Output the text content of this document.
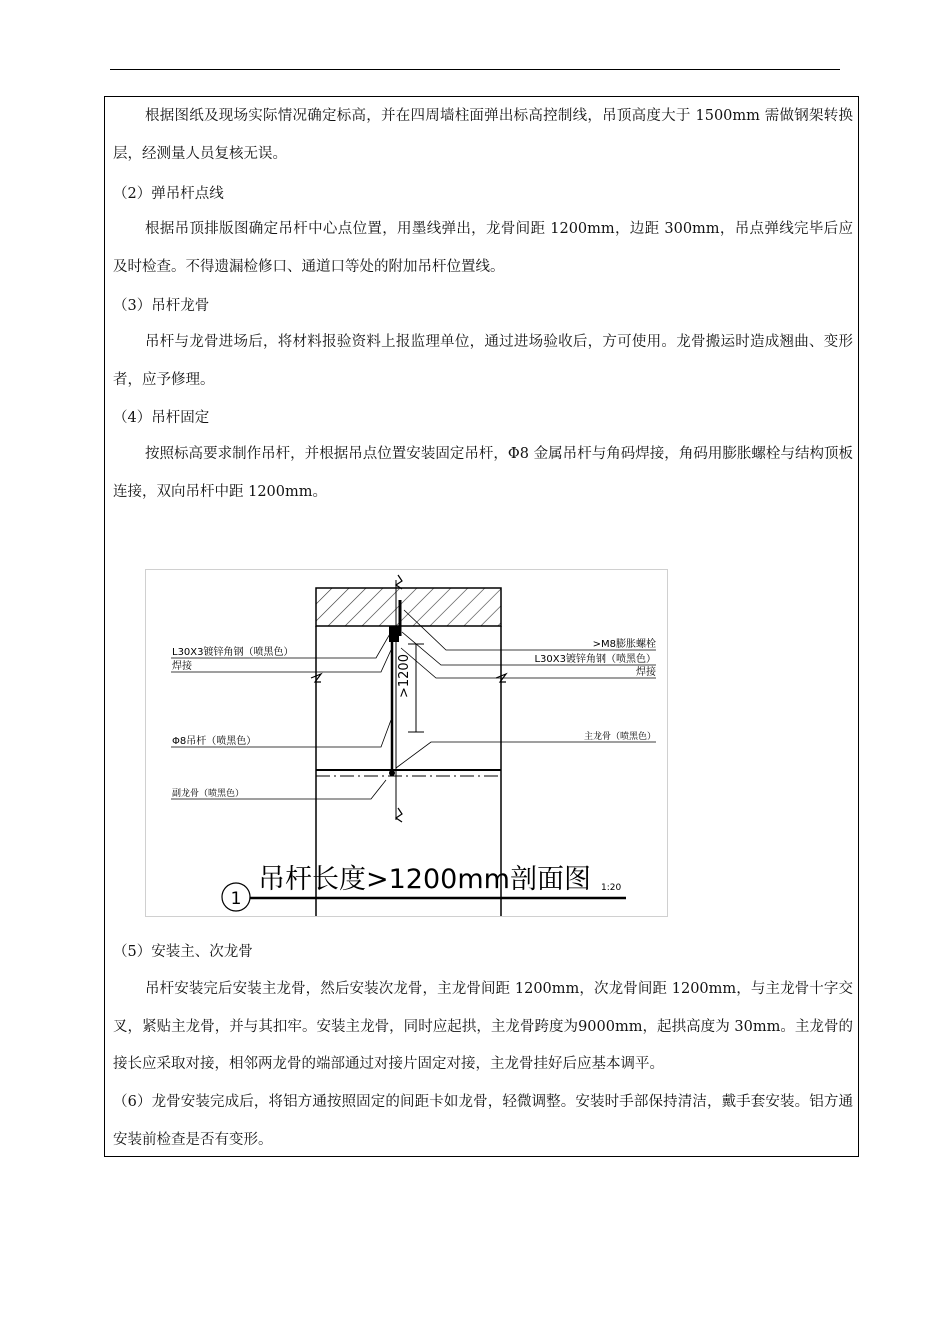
根据图纸及现场实际情况确定标高，并在四周墙柱面弹出标高控制线，吊顶高度大于 1500mm 需做钢架转换层，经测量人员复核无误。

（2）弹吊杆点线

根据吊顶排版图确定吊杆中心点位置，用墨线弹出，龙骨间距 1200mm，边距 300mm，吊点弹线完毕后应及时检查。不得遗漏检修口、通道口等处的附加吊杆位置线。

（3）吊杆龙骨

吊杆与龙骨进场后，将材料报验资料上报监理单位，通过进场验收后，方可使用。龙骨搬运时造成翘曲、变形者，应予修理。

（4）吊杆固定

按照标高要求制作吊杆，并根据吊点位置安装固定吊杆，Φ8 金属吊杆与角码焊接，角码用膨胀螺栓与结构顶板连接，双向吊杆中距 1200mm。

>1200
L30X3镀锌角钢（喷黑色）
焊接
Φ8吊杆（喷黑色）
副龙骨（喷黑色）
>M8膨胀螺栓
L30X3镀锌角钢（喷黑色）
焊接
主龙骨（喷黑色）
1
吊杆长度>1200mm剖面图 1:20

（5）安装主、次龙骨

吊杆安装完后安装主龙骨，然后安装次龙骨，主龙骨间距 1200mm，次龙骨间距 1200mm，与主龙骨十字交叉，紧贴主龙骨，并与其扣牢。安装主龙骨，同时应起拱，主龙骨跨度为9000mm，起拱高度为 30mm。主龙骨的接长应采取对接，相邻两龙骨的端部通过对接片固定对接，主龙骨挂好后应基本调平。

（6）龙骨安装完成后，将铝方通按照固定的间距卡如龙骨，轻微调整。安装时手部保持清洁，戴手套安装。铝方通安装前检查是否有变形。
